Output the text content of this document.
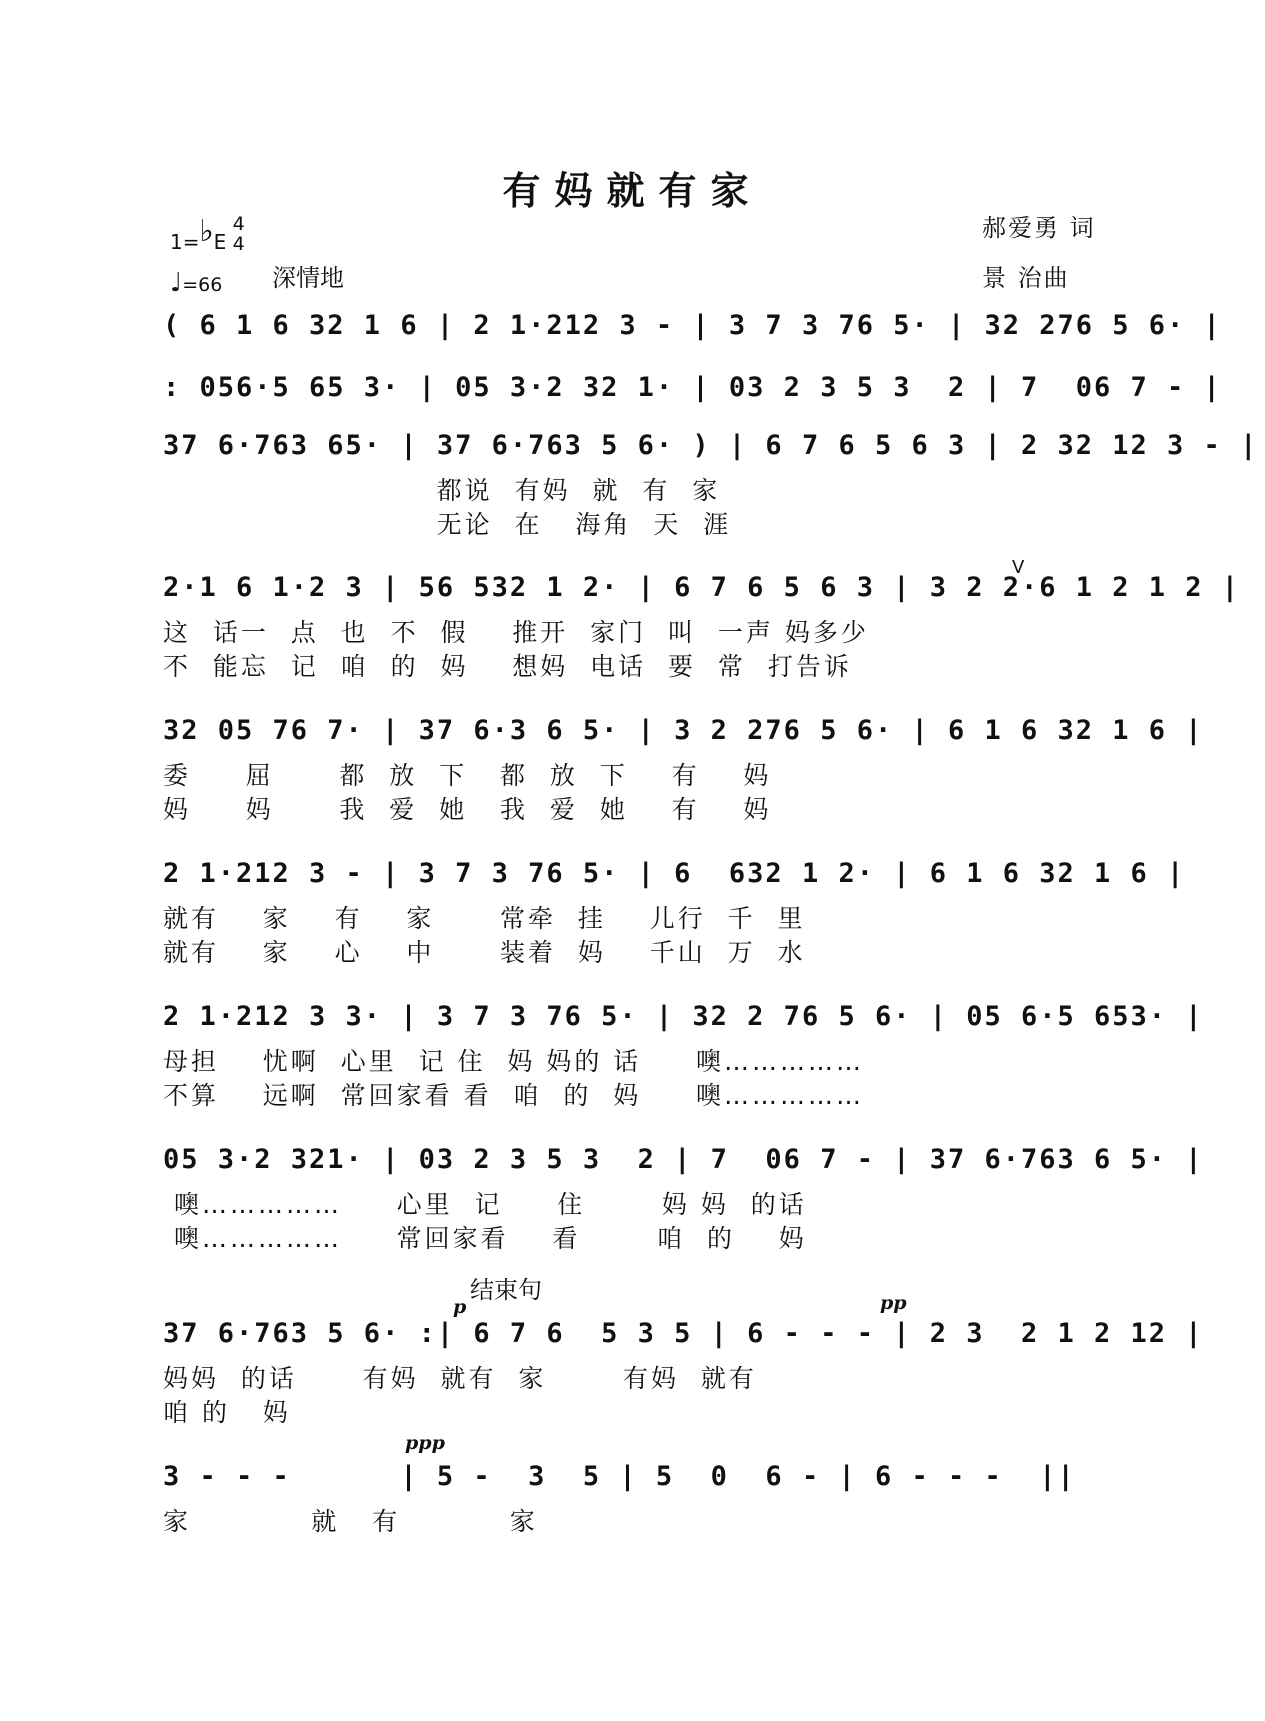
有妈就有家
1=♭E 4
4
♩=66 深情地
郝爱勇 词
景 治曲
结束句
p	pp
ppp
V
( 6 1 6 32 1 6 | 2 1·212 3 - | 3 7 3 76 5· | 32 276 5 6· |
: 056·5 65 3· | 05 3·2 32 1· | 03 2 3 5 3  2 | 7  06 7 - |
37 6·763 65· | 37 6·763 5 6· ) | 6 7 6 5 6 3 | 2 32 12 3 - |
都说  有妈  就  有  家
无论  在   海角  天  涯
2·1 6 1·2 3 | 56 532 1 2· | 6 7 6 5 6 3 | 3 2 2·6 1 2 1 2 |
这  话一  点  也  不  假    推开  家门  叫  一声 妈多少
不  能忘  记  咱  的  妈    想妈  电话  要  常  打告诉
32 05 76 7· | 37 6·3 6 5· | 3 2 276 5 6· | 6 1 6 32 1 6 |
委     屈      都  放  下   都  放  下    有    妈
妈     妈      我  爱  她   我  爱  她    有    妈
2 1·212 3 - | 3 7 3 76 5· | 6  632 1 2· | 6 1 6 32 1 6 |
就有    家    有    家      常牵  挂    儿行  千  里
就有    家    心    中      装着  妈    千山  万  水
2 1·212 3 3· | 3 7 3 76 5· | 32 2 76 5 6· | 05 6·5 653· |
母担    忧啊  心里  记 住  妈 妈的 话     噢……………
不算    远啊  常回家看 看  咱  的  妈     噢……………
05 3·2 321· | 03 2 3 5 3  2 | 7  06 7 - | 37 6·763 6 5· |
噢……………     心里  记     住       妈 妈  的话
噢……………     常回家看    看       咱  的    妈
37 6·763 5 6· :| 6 7 6  5 3 5 | 6 - - - | 2 3  2 1 2 12 |
妈妈  的话      有妈  就有  家       有妈  就有
咱 的   妈
3 - - -      | 5 -  3  5 | 5  0  6 - | 6 - - -  ||
家           就   有          家
